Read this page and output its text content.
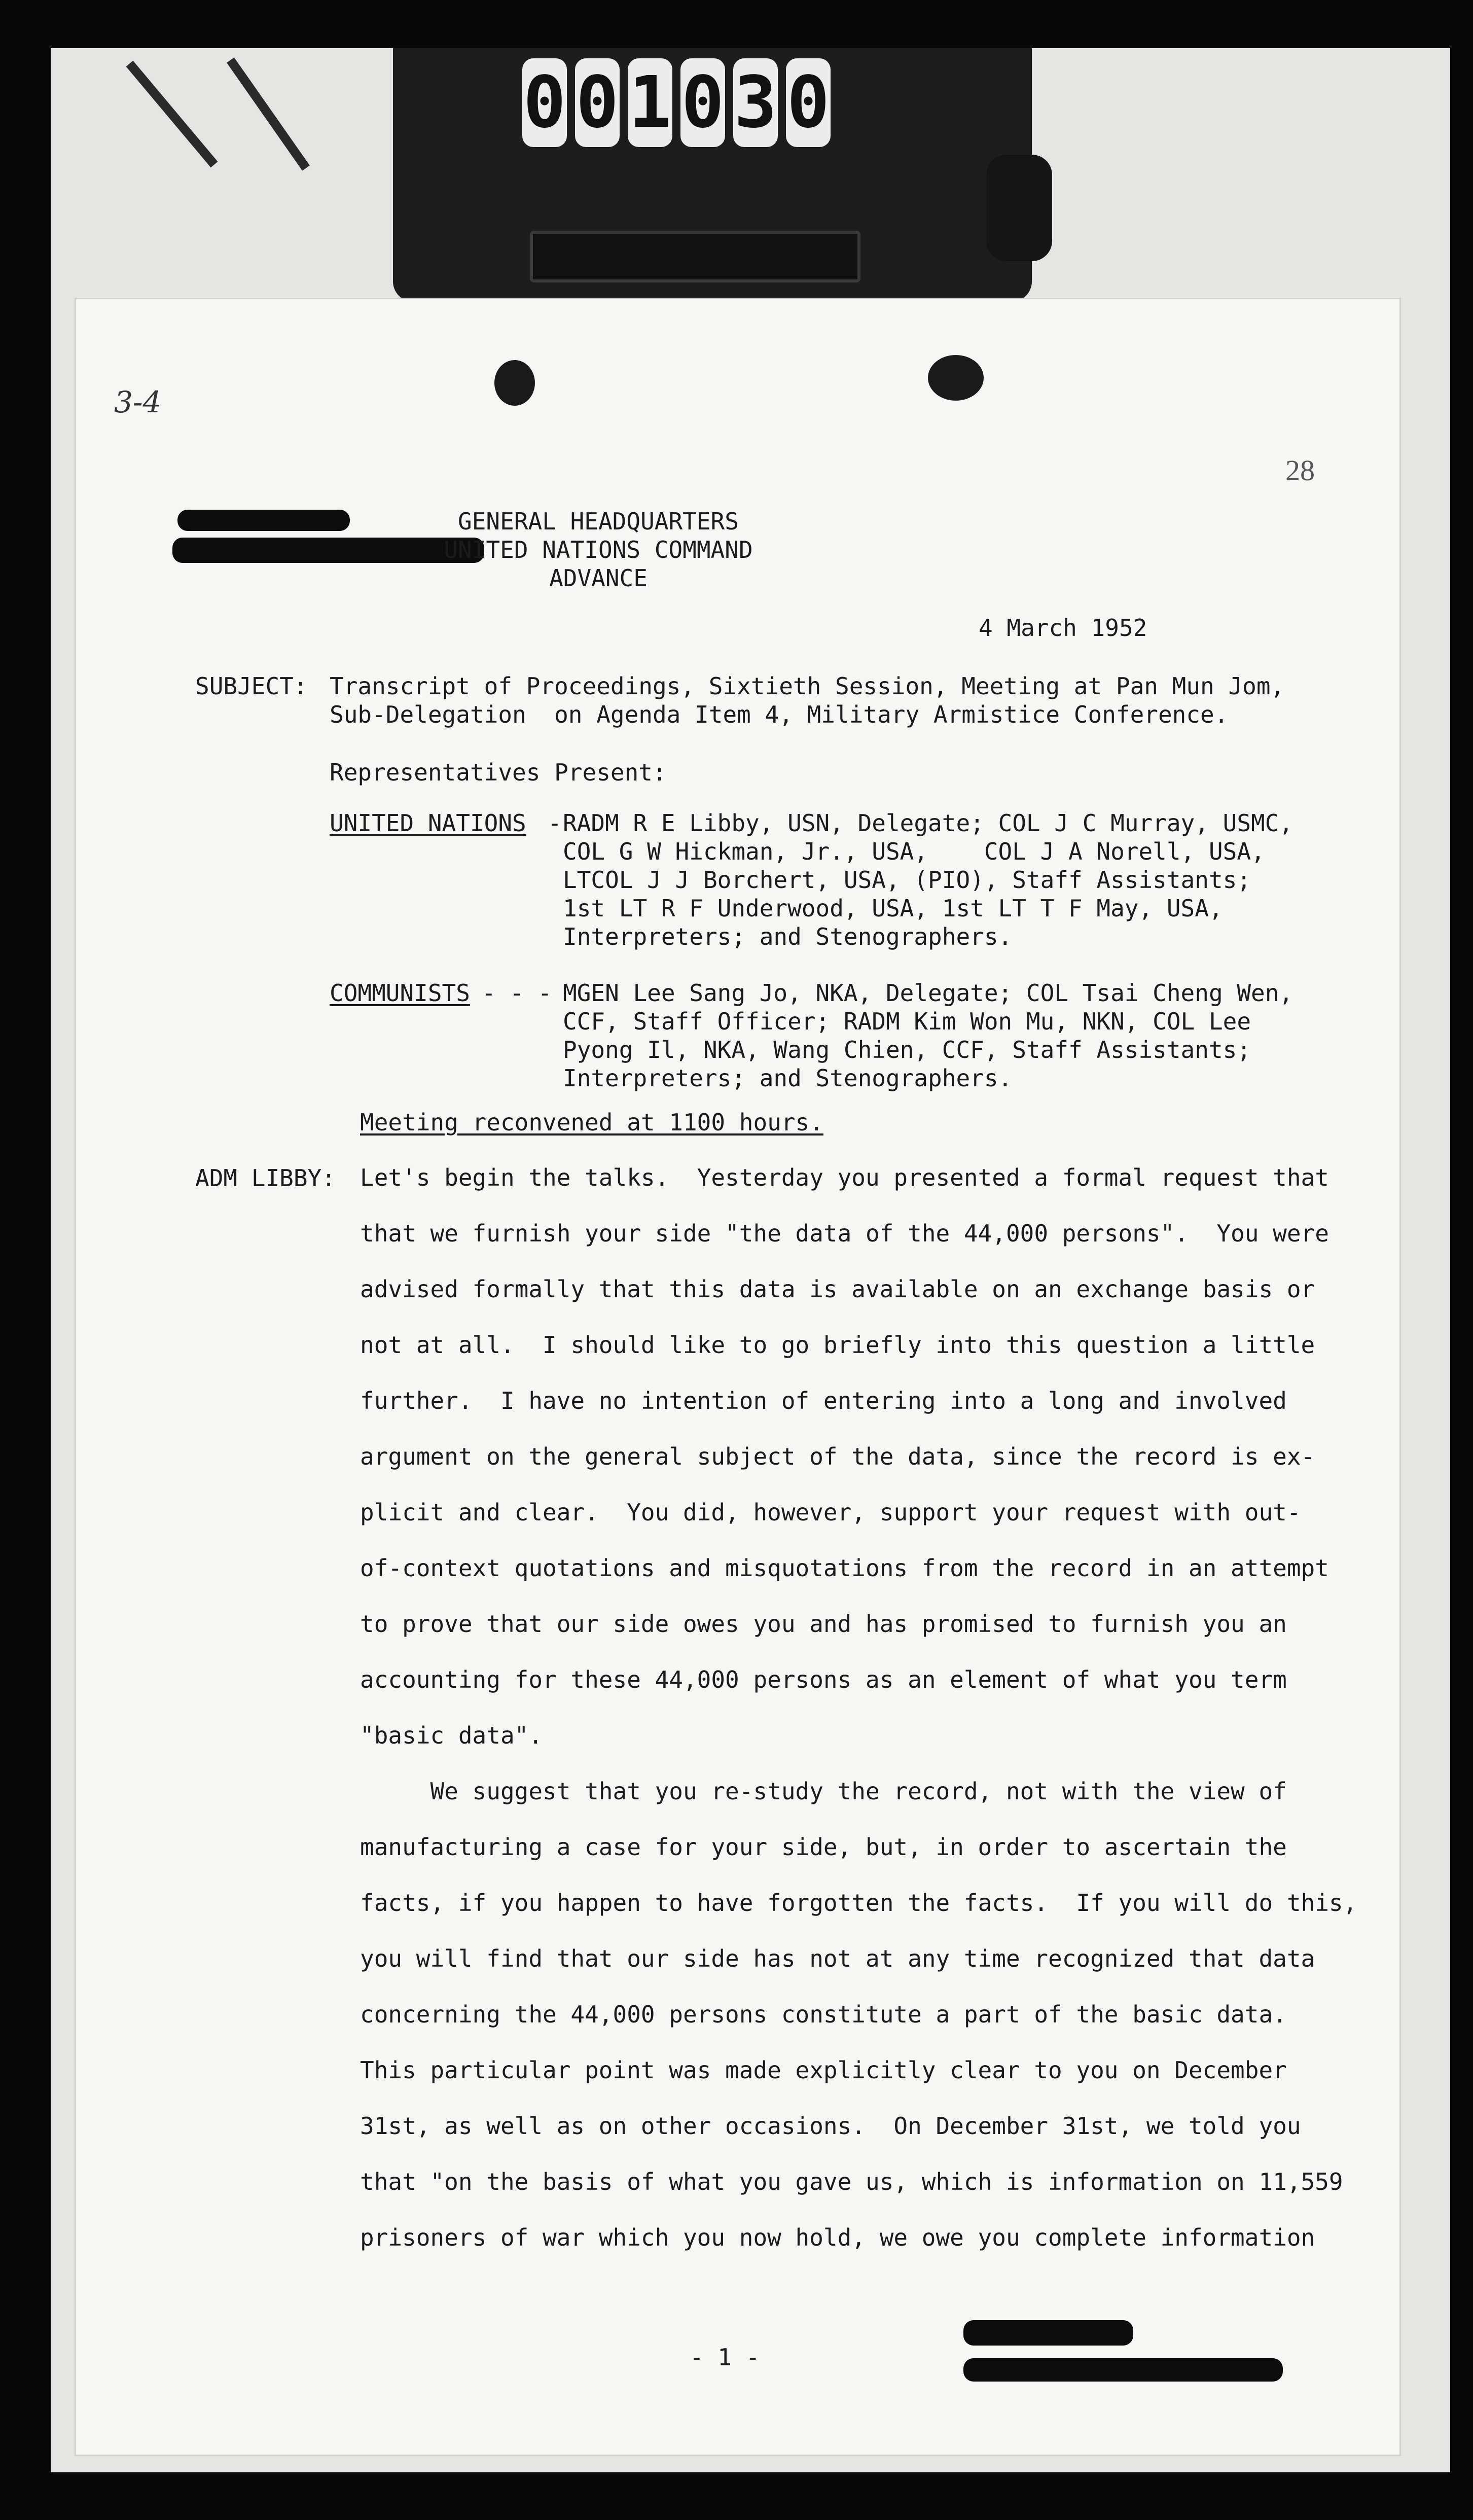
0 0 1 0 3 0
3-4
28
GENERAL HEADQUARTERS
UNITED NATIONS COMMAND
ADVANCE
4 March 1952
SUBJECT: Transcript of Proceedings, Sixtieth Session, Meeting at Pan Mun Jom,
Sub-Delegation  on Agenda Item 4, Military Armistice Conference.
Representatives Present:
UNITED NATIONS - RADM R E Libby, USN, Delegate; COL J C Murray, USMC,
COL G W Hickman, Jr., USA,    COL J A Norell, USA,
LTCOL J J Borchert, USA, (PIO), Staff Assistants;
1st LT R F Underwood, USA, 1st LT T F May, USA,
Interpreters; and Stenographers.
COMMUNISTS - - - MGEN Lee Sang Jo, NKA, Delegate; COL Tsai Cheng Wen,
CCF, Staff Officer; RADM Kim Won Mu, NKN, COL Lee
Pyong Il, NKA, Wang Chien, CCF, Staff Assistants;
Interpreters; and Stenographers.
Meeting reconvened at 1100 hours.
ADM LIBBY: Let's begin the talks.  Yesterday you presented a formal request that
that we furnish your side "the data of the 44,000 persons".  You were
advised formally that this data is available on an exchange basis or
not at all.  I should like to go briefly into this question a little
further.  I have no intention of entering into a long and involved
argument on the general subject of the data, since the record is ex-
plicit and clear.  You did, however, support your request with out-
of-context quotations and misquotations from the record in an attempt
to prove that our side owes you and has promised to furnish you an
accounting for these 44,000 persons as an element of what you term
"basic data".
We suggest that you re-study the record, not with the view of
manufacturing a case for your side, but, in order to ascertain the
facts, if you happen to have forgotten the facts.  If you will do this,
you will find that our side has not at any time recognized that data
concerning the 44,000 persons constitute a part of the basic data.
This particular point was made explicitly clear to you on December
31st, as well as on other occasions.  On December 31st, we told you
that "on the basis of what you gave us, which is information on 11,559
prisoners of war which you now hold, we owe you complete information
- 1 -
